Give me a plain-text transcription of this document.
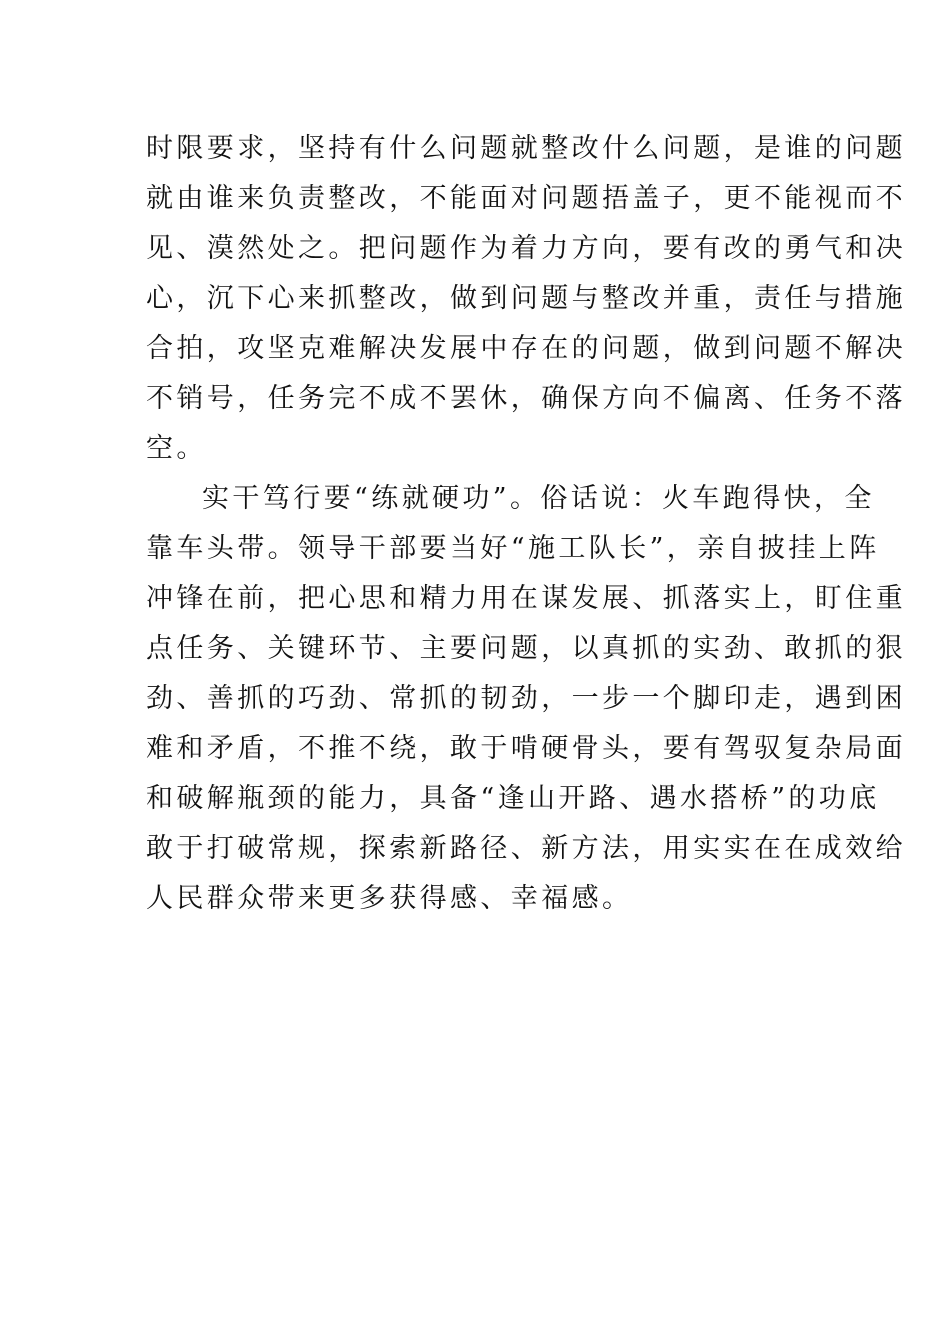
时限要求，坚持有什么问题就整改什么问题，是谁的问题
就由谁来负责整改，不能面对问题捂盖子，更不能视而不
见、漠然处之。把问题作为着力方向，要有改的勇气和决
心，沉下心来抓整改，做到问题与整改并重，责任与措施
合拍，攻坚克难解决发展中存在的问题，做到问题不解决
不销号，任务完不成不罢休，确保方向不偏离、任务不落
空。
实干笃行要“练就硬功”。俗话说：火车跑得快，全
靠车头带。领导干部要当好“施工队长”，亲自披挂上阵
冲锋在前，把心思和精力用在谋发展、抓落实上，盯住重
点任务、关键环节、主要问题，以真抓的实劲、敢抓的狠
劲、善抓的巧劲、常抓的韧劲，一步一个脚印走，遇到困
难和矛盾，不推不绕，敢于啃硬骨头，要有驾驭复杂局面
和破解瓶颈的能力，具备“逢山开路、遇水搭桥”的功底
敢于打破常规，探索新路径、新方法，用实实在在成效给
人民群众带来更多获得感、幸福感。
